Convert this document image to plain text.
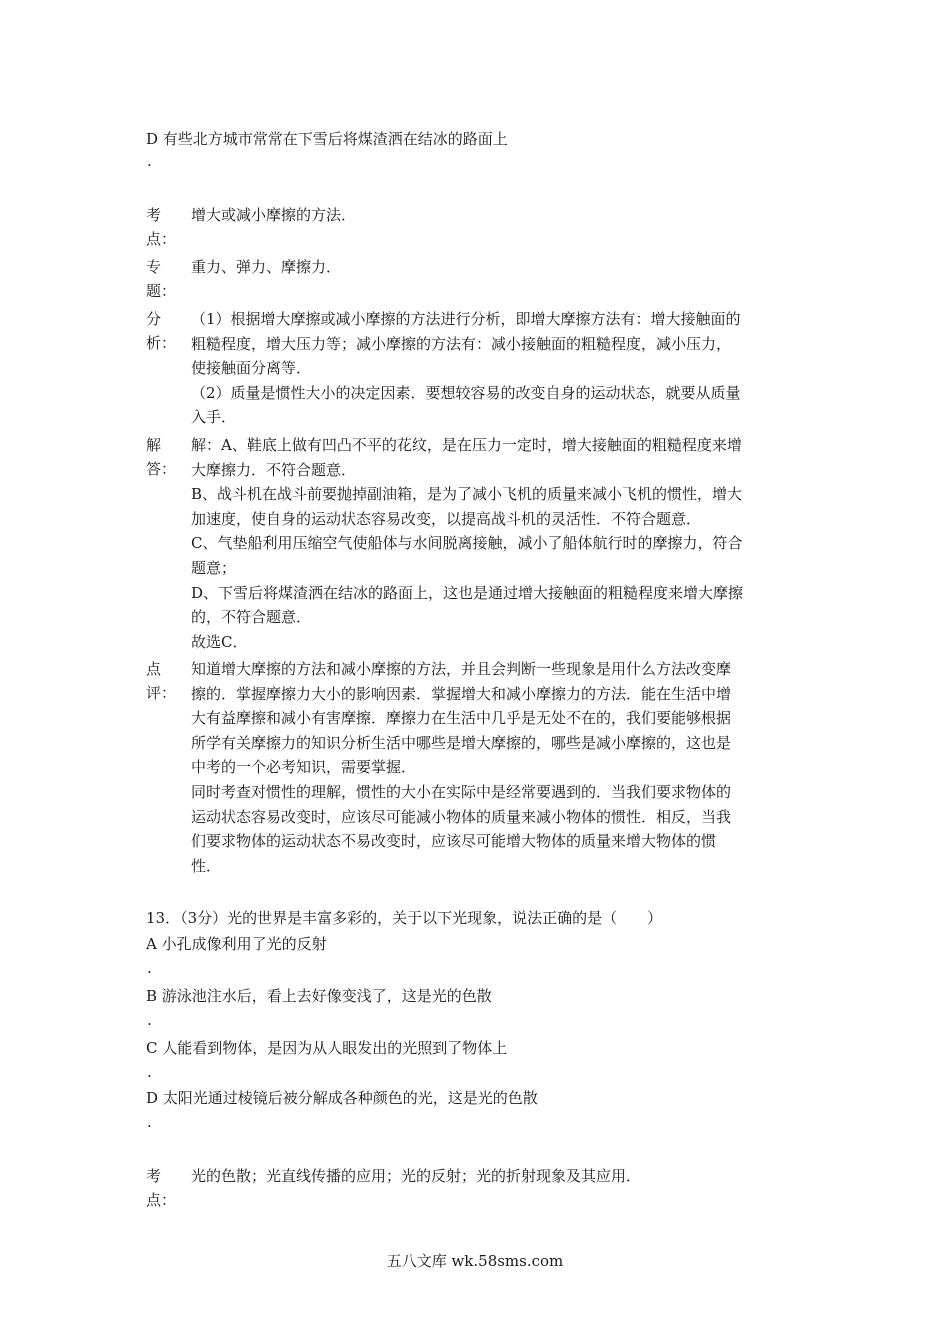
D 有些北方城市常常在下雪后将煤渣洒在结冰的路面上
.
考
点：
增大或减小摩擦的方法．
专
题：
重力、弹力、摩擦力．
分
析：
（1）根据增大摩擦或减小摩擦的方法进行分析，即增大摩擦方法有：增大接触面的
粗糙程度，增大压力等；减小摩擦的方法有：减小接触面的粗糙程度，减小压力，
使接触面分离等．
（2）质量是惯性大小的决定因素．要想较容易的改变自身的运动状态，就要从质量
入手．
解
答：
解：A、鞋底上做有凹凸不平的花纹，是在压力一定时，增大接触面的粗糙程度来增
大摩擦力．不符合题意．
B、战斗机在战斗前要抛掉副油箱，是为了减小飞机的质量来减小飞机的惯性，增大
加速度，使自身的运动状态容易改变，以提高战斗机的灵活性．不符合题意．
C、气垫船利用压缩空气使船体与水间脱离接触，减小了船体航行时的摩擦力，符合
题意；
D、下雪后将煤渣洒在结冰的路面上，这也是通过增大接触面的粗糙程度来增大摩擦
的，不符合题意．
故选C．
点
评：
知道增大摩擦的方法和减小摩擦的方法，并且会判断一些现象是用什么方法改变摩
擦的．掌握摩擦力大小的影响因素．掌握增大和减小摩擦力的方法．能在生活中增
大有益摩擦和减小有害摩擦．摩擦力在生活中几乎是无处不在的，我们要能够根据
所学有关摩擦力的知识分析生活中哪些是增大摩擦的，哪些是减小摩擦的，这也是
中考的一个必考知识，需要掌握．
同时考查对惯性的理解，惯性的大小在实际中是经常要遇到的．当我们要求物体的
运动状态容易改变时，应该尽可能减小物体的质量来减小物体的惯性．相反，当我
们要求物体的运动状态不易改变时，应该尽可能增大物体的质量来增大物体的惯
性．
13．（3分）光的世界是丰富多彩的，关于以下光现象，说法正确的是（　　）
A 小孔成像利用了光的反射
.
B 游泳池注水后，看上去好像变浅了，这是光的色散
.
C 人能看到物体，是因为从人眼发出的光照到了物体上
.
D 太阳光通过棱镜后被分解成各种颜色的光，这是光的色散
.
考
点：
光的色散；光直线传播的应用；光的反射；光的折射现象及其应用．
五八文库 wk.58sms.com
